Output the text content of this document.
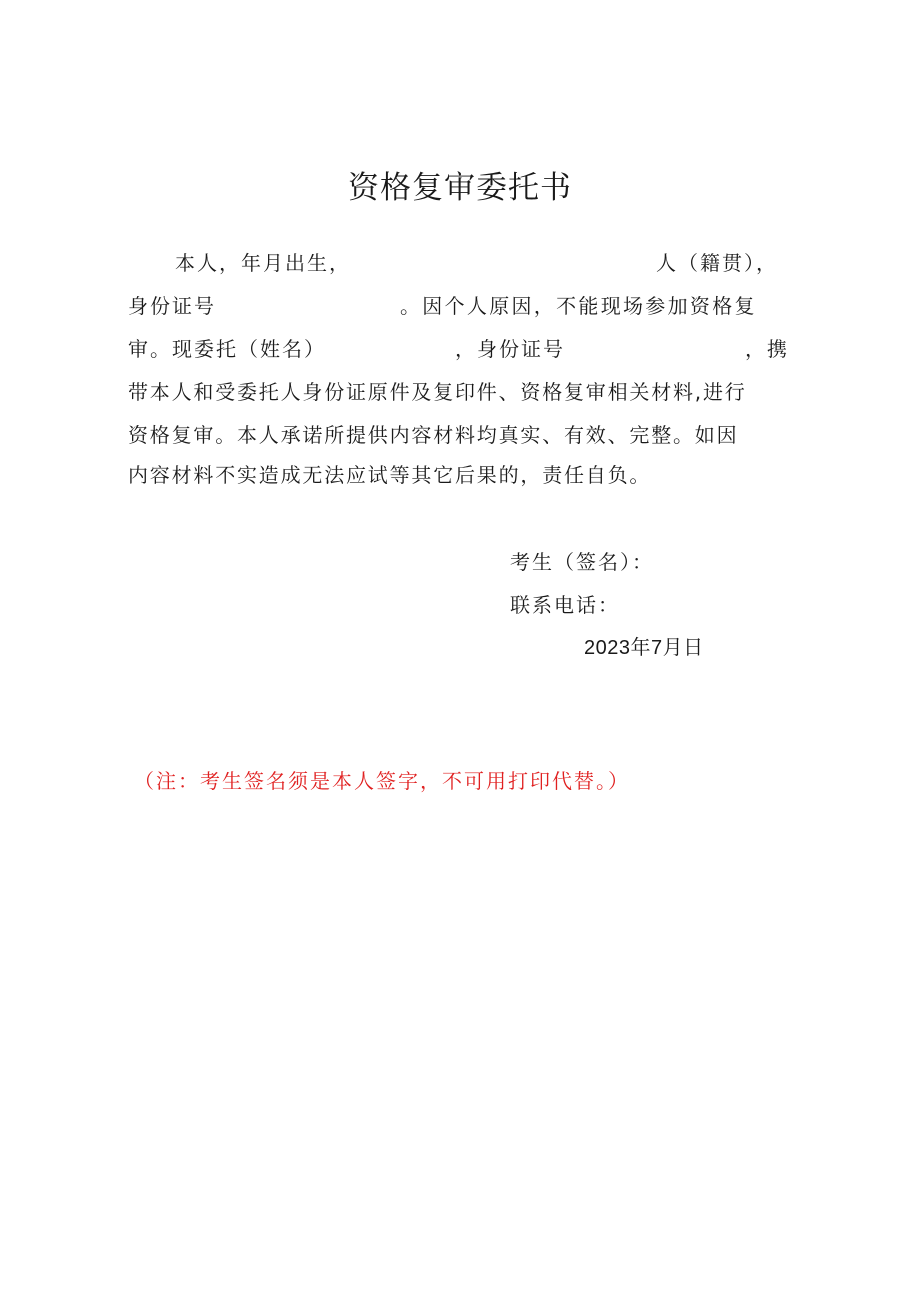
资格复审委托书

本人，年月出生，	人（籍贯），

身份证号	。因个人原因，不能现场参加资格复

审。现委托（姓名）	，身份证号	，携

带本人和受委托人身份证原件及复印件、资格复审相关材料,进行

资格复审。本人承诺所提供内容材料均真实、有效、完整。如因

内容材料不实造成无法应试等其它后果的，责任自负。

考生（签名）：

联系电话：

2023年7月日

（注：考生签名须是本人签字，不可用打印代替。）
